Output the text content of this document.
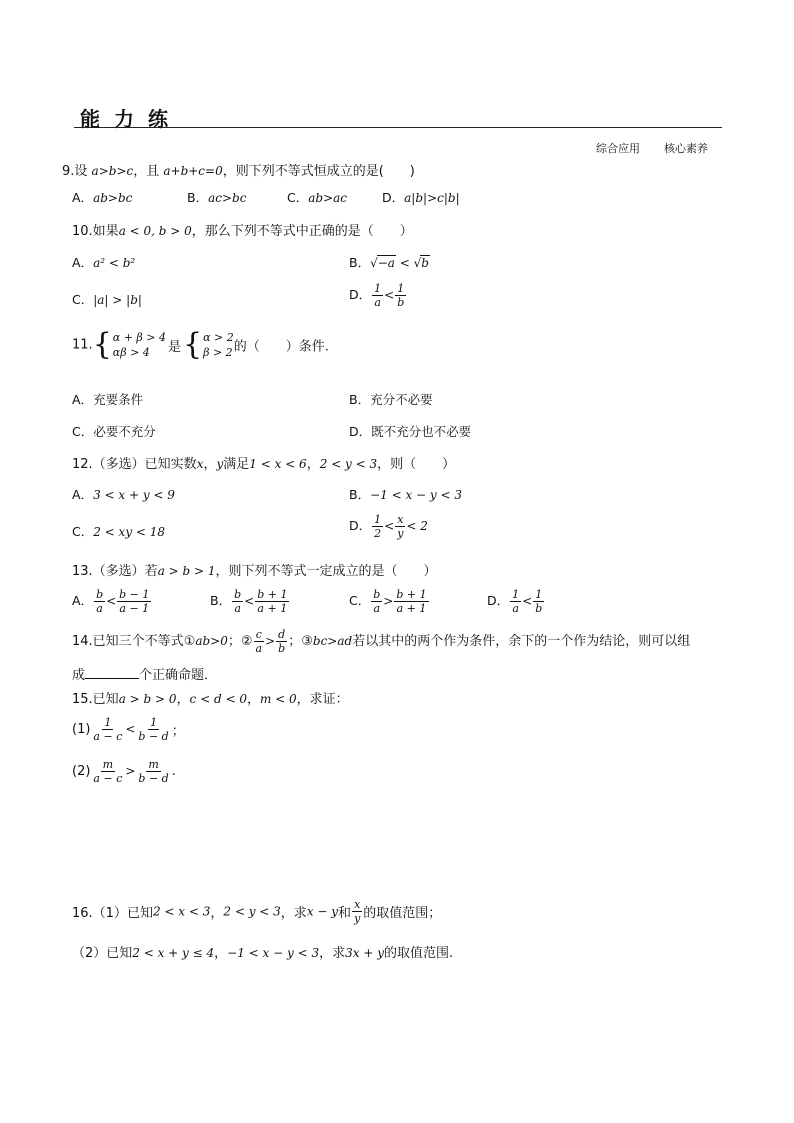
能力练
综合应用 核心素养
9.设 a>b>c，且 a+b+c=0，则下列不等式恒成立的是(　　)
A．ab>bc	B．ac>bc	C．ab>ac	D．a|b|>c|b|
10.如果a < 0, b > 0，那么下列不等式中正确的是（　　）
A．a² < b²	B．√−a < √b
C．|a| > |b|	D． $\frac{1}{a} < \frac{1}{b}$
11. { α + β > 4
αβ > 4	是 { α > 2
β > 2 的（　　）条件.
A．充要条件	B．充分不必要
C．必要不充分	D．既不充分也不必要
12.（多选）已知实数x，y满足1 < x < 6，2 < y < 3，则（　　）
A．3 < x + y < 9	B．−1 < x − y < 3
C．2 < xy < 18	D． $\frac{1}{2} < \frac{x}{y} < 2$
13.（多选）若a > b > 1，则下列不等式一定成立的是（　　）
A． $\frac{b}{a} < \frac{b - 1}{a - 1}$	B． $\frac{b}{a} < \frac{b + 1}{a + 1}$	C． $\frac{b}{a} > \frac{b + 1}{a + 1}$	D． $\frac{1}{a} < \frac{1}{b}$
14.已知三个不等式①ab>0；② $\frac{c}{a} > \frac{d}{b}$ ；③bc>ad若以其中的两个作为条件，余下的一个作为结论，则可以组
成	个正确命题．
15.已知a > b > 0，c < d < 0，m < 0，求证：
$(1) \frac{1}{a - c} < \frac{1}{b - d}$ ；
$(2) \frac{m}{a - c} > \frac{m}{b - d}$ .
16.（1）已知2 < x < 3，2 < y < 3，求x − y和 $\frac{x}{y}$ 的取值范围；
（2）已知2 < x + y ≤ 4，−1 < x − y < 3，求3x + y的取值范围.
